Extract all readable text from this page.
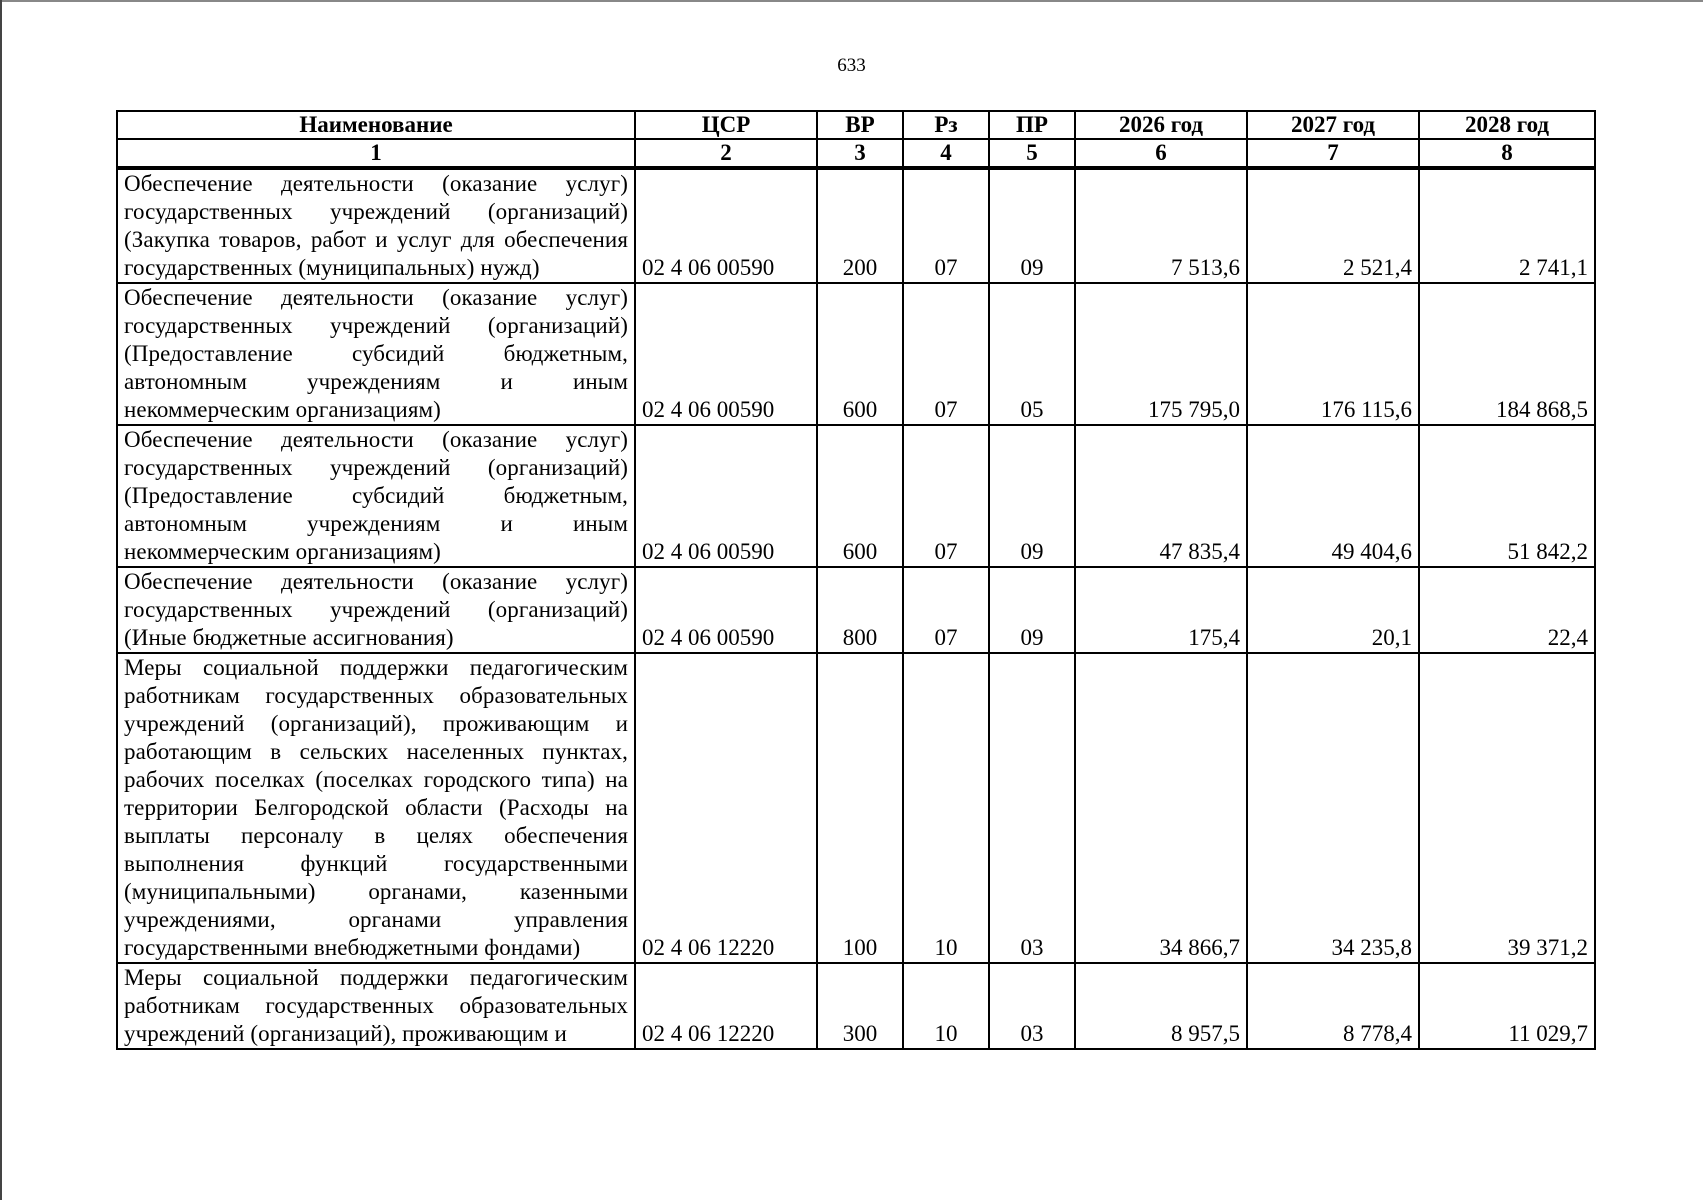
633
Наименование	ЦСР	ВР	Рз	ПР	2026 год	2027 год	2028 год
1	2	3	4	5	6	7	8
Обеспечение деятельности (оказание услуг) государственных учреждений (организаций) (Закупка товаров, работ и услуг для обеспечения государственных (муниципальных) нужд)	02 4 06 00590	200	07	09	7 513,6	2 521,4	2 741,1
Обеспечение деятельности (оказание услуг) государственных учреждений (организаций) (Предоставление субсидий бюджетным, автономным учреждениям и иным некоммерческим организациям)	02 4 06 00590	600	07	05	175 795,0	176 115,6	184 868,5
Обеспечение деятельности (оказание услуг) государственных учреждений (организаций) (Предоставление субсидий бюджетным, автономным учреждениям и иным некоммерческим организациям)	02 4 06 00590	600	07	09	47 835,4	49 404,6	51 842,2
Обеспечение деятельности (оказание услуг) государственных учреждений (организаций) (Иные бюджетные ассигнования)	02 4 06 00590	800	07	09	175,4	20,1	22,4
Меры социальной поддержки педагогическим работникам государственных образовательных учреждений (организаций), проживающим и работающим в сельских населенных пунктах, рабочих поселках (поселках городского типа) на территории Белгородской области (Расходы на выплаты персоналу в целях обеспечения выполнения функций государственными (муниципальными) органами, казенными учреждениями, органами управления государственными внебюджетными фондами)	02 4 06 12220	100	10	03	34 866,7	34 235,8	39 371,2
Меры социальной поддержки педагогическим работникам государственных образовательных учреждений (организаций), проживающим и	02 4 06 12220	300	10	03	8 957,5	8 778,4	11 029,7
